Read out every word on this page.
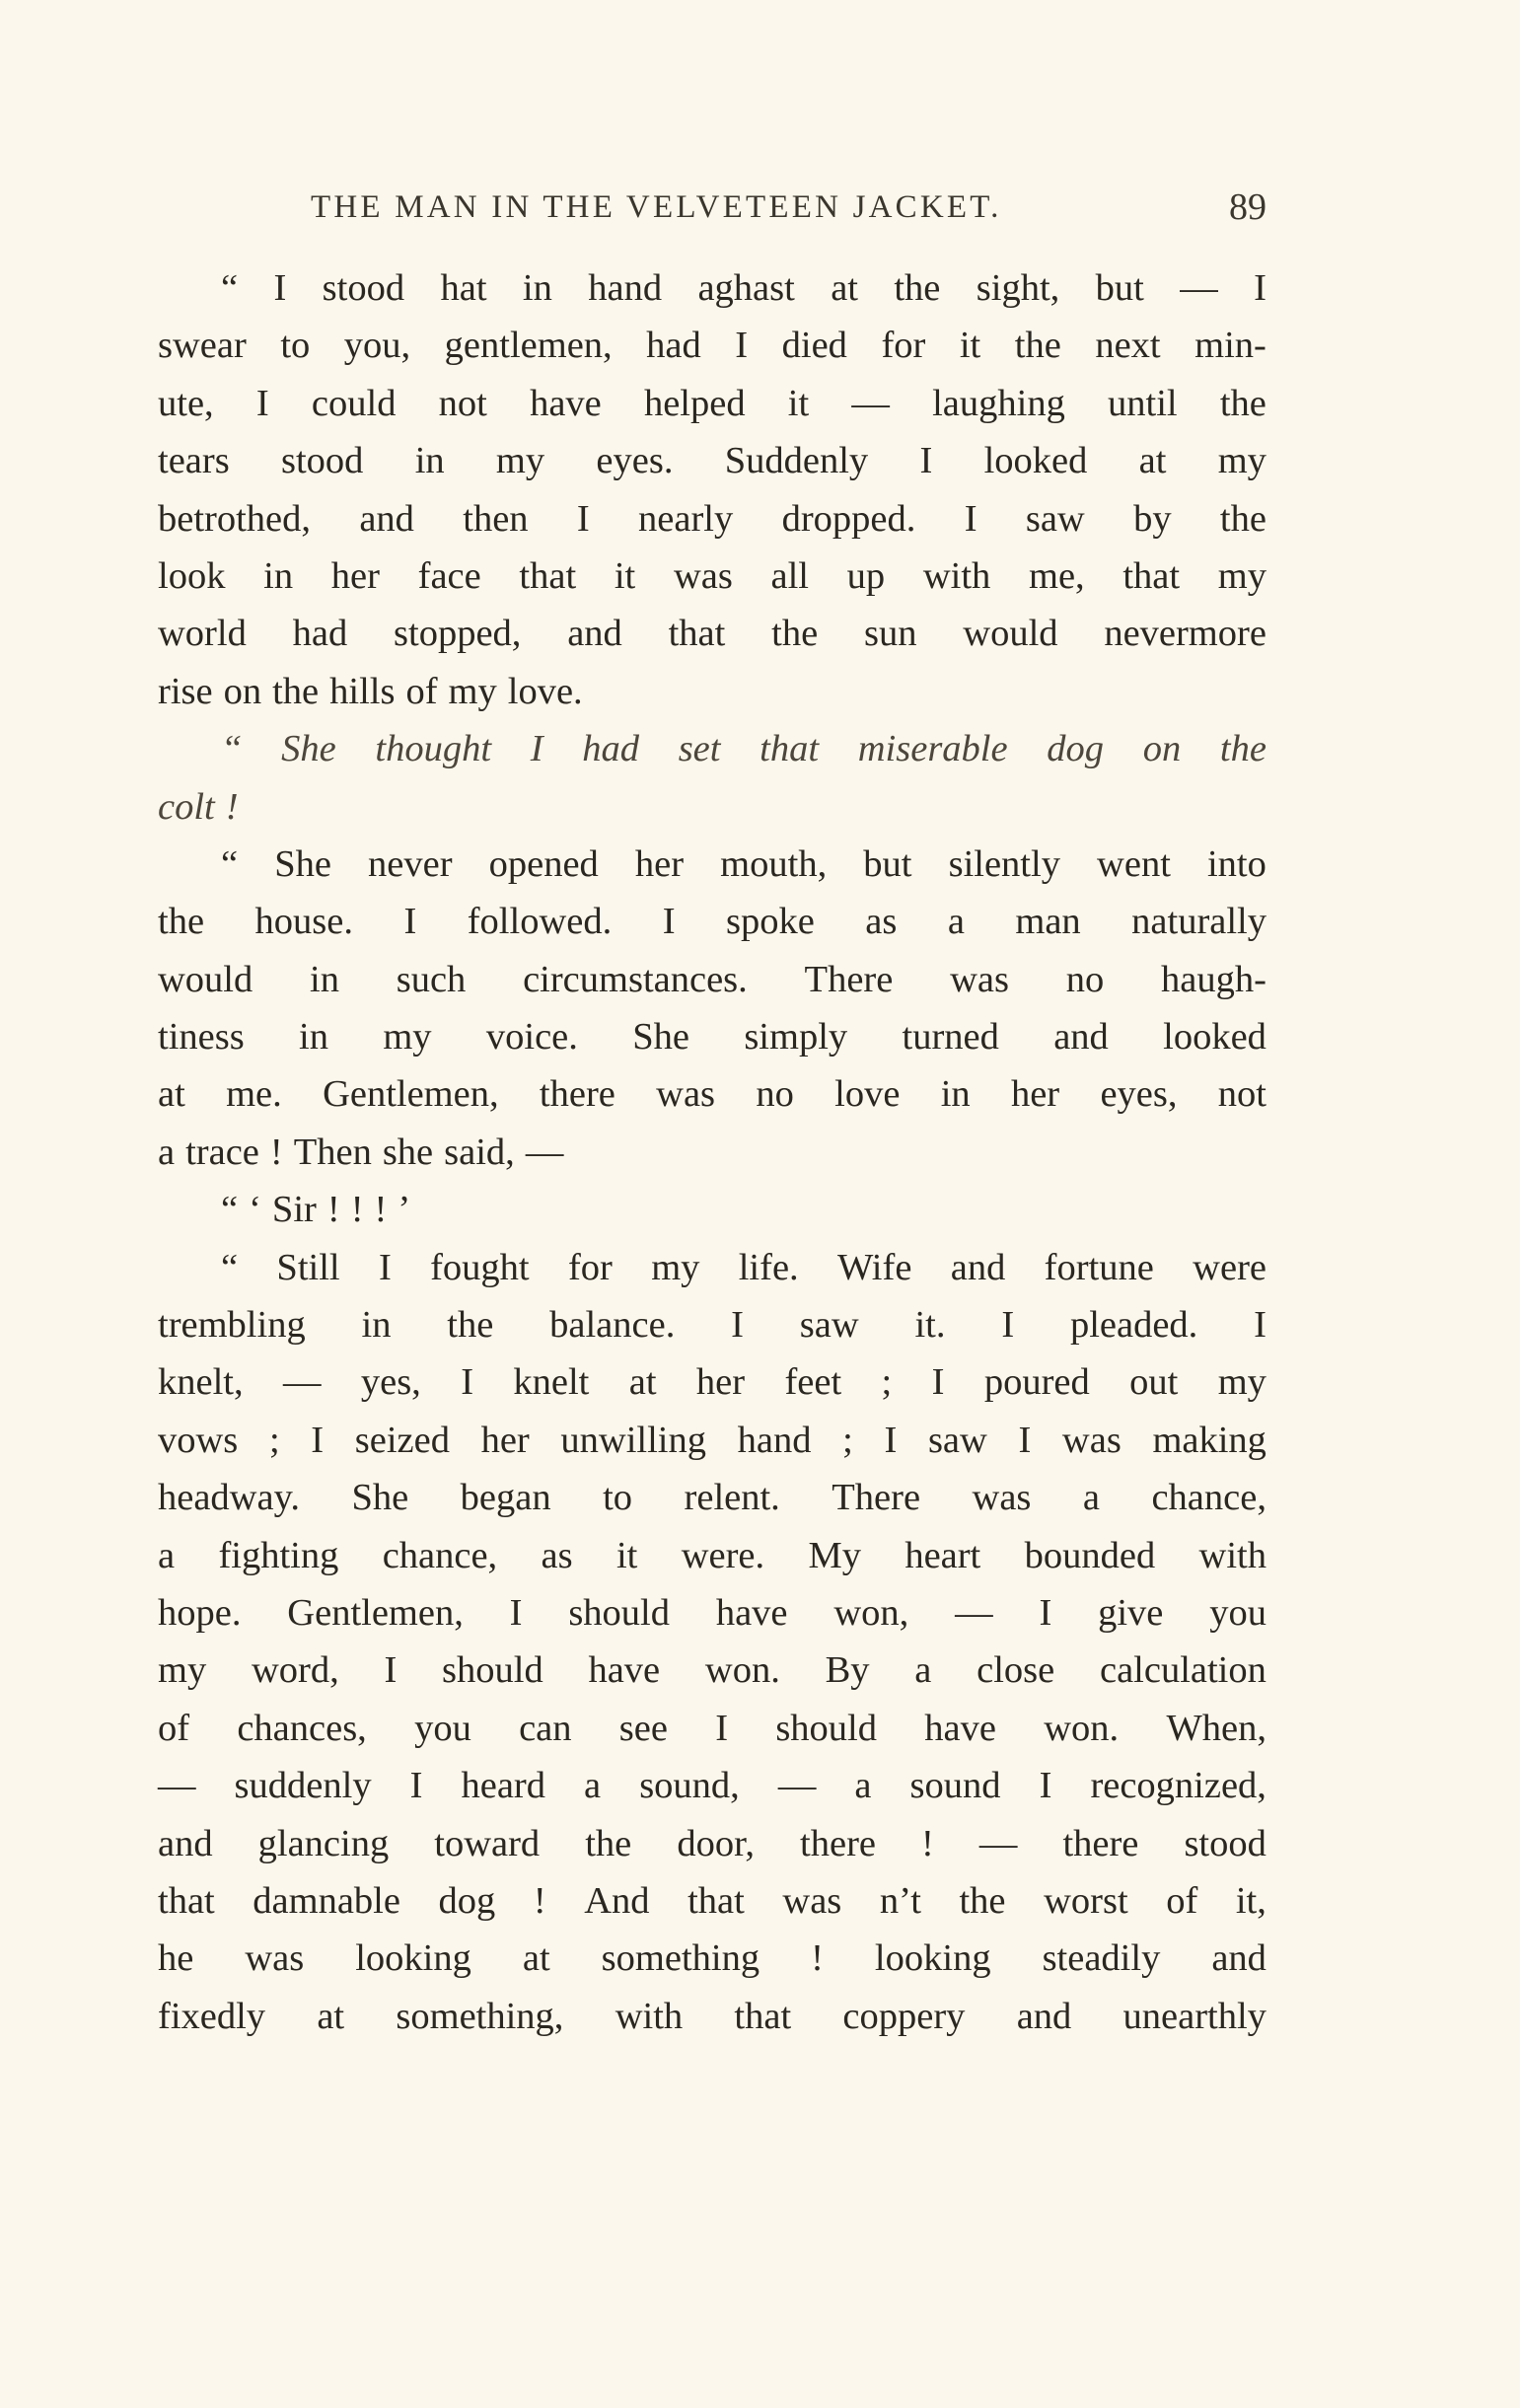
THE MAN IN THE VELVETEEN JACKET.	89
“ I stood hat in hand aghast at the sight, but — I
swear to you, gentlemen, had I died for it the next min-
ute, I could not have helped it — laughing until the
tears stood in my eyes. Suddenly I looked at my
betrothed, and then I nearly dropped. I saw by the
look in her face that it was all up with me, that my
world had stopped, and that the sun would nevermore
rise on the hills of my love.
“ She thought I had set that miserable dog on the
colt !
“ She never opened her mouth, but silently went into
the house. I followed. I spoke as a man naturally
would in such circumstances. There was no haugh-
tiness in my voice. She simply turned and looked
at me. Gentlemen, there was no love in her eyes, not
a trace ! Then she said, —
“ ‘ Sir ! ! ! ’
“ Still I fought for my life. Wife and fortune were
trembling in the balance. I saw it. I pleaded. I
knelt, — yes, I knelt at her feet ; I poured out my
vows ; I seized her unwilling hand ; I saw I was making
headway. She began to relent. There was a chance,
a fighting chance, as it were. My heart bounded with
hope. Gentlemen, I should have won, — I give you
my word, I should have won. By a close calculation
of chances, you can see I should have won. When,
— suddenly I heard a sound, — a sound I recognized,
and glancing toward the door, there ! — there stood
that damnable dog ! And that was n’t the worst of it,
he was looking at something ! looking steadily and
fixedly at something, with that coppery and unearthly
